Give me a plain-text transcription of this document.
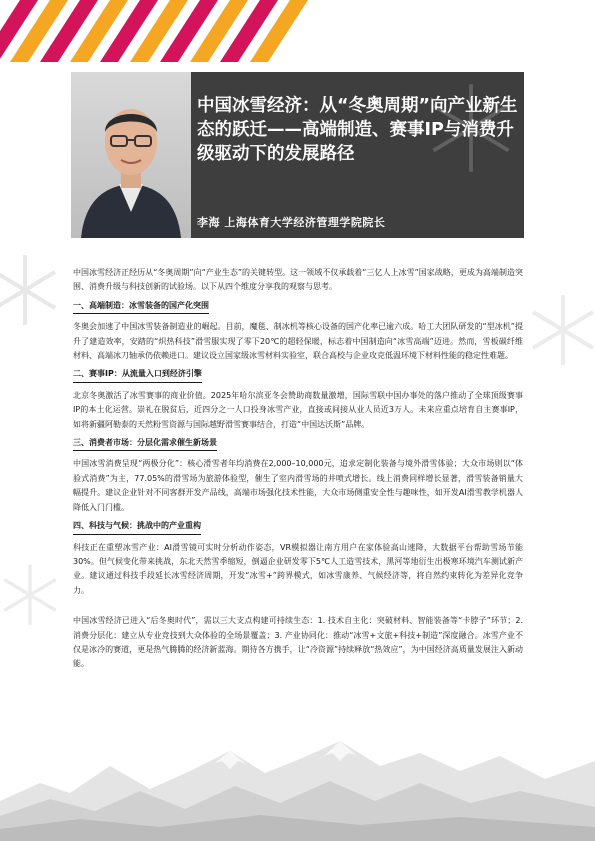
中国冰雪经济：从“冬奥周期”向产业新生态的跃迁——高端制造、赛事IP与消费升级驱动下的发展路径
李海 上海体育大学经济管理学院院长

中国冰雪经济正经历从“冬奥周期”向“产业生态”的关键转型。这一领域不仅承载着“三亿人上冰雪”国家战略，更成为高端制造突围、消费升级与科技创新的试验场。以下从四个维度分享我的观察与思考。

一、高端制造：冰雪装备的国产化突围

冬奥会加速了中国冰雪装备制造业的崛起。目前，魔毯、制冰机等核心设备的国产化率已逾六成。哈工大团队研发的“型冰机”提升了建造效率，安踏的“炽热科技”滑雪服实现了零下20℃的超轻保暖，标志着中国制造向“冰雪高端”迈进。然而，雪板碳纤维材料、高端冰刀轴承仍依赖进口。建议设立国家级冰雪材料实验室，联合高校与企业攻克低温环境下材料性能的稳定性难题。

二、赛事IP：从流量入口到经济引擎

北京冬奥激活了冰雪赛事的商业价值。2025年哈尔滨亚冬会赞助商数量激增，国际雪联中国办事处的落户推动了全球顶级赛事IP的本土化运营。崇礼在脱贫后，近四分之一人口投身冰雪产业，直接或间接从业人员近3万人。未来应重点培育自主赛事IP，如将新疆阿勒泰的天然粉雪资源与国际越野滑雪赛事结合，打造“中国达沃斯”品牌。

三、消费者市场：分层化需求催生新场景

中国冰雪消费呈现“两极分化”：核心滑雪者年均消费在2,000–10,000元，追求定制化装备与境外滑雪体验；大众市场则以“体验式消费”为主，77.05%的滑雪场为旅游体验型，催生了室内滑雪场的井喷式增长。线上消费同样增长显著，滑雪装备销量大幅提升。建议企业针对不同客群开发产品线，高端市场强化技术性能，大众市场侧重安全性与趣味性，如开发AI滑雪教学机器人降低入门门槛。

四、科技与气候：挑战中的产业重构

科技正在重塑冰雪产业：AI滑雪镜可实时分析动作姿态，VR模拟器让南方用户在家体验高山速降，大数据平台帮助雪场节能30%。但气候变化带来挑战，东北天然雪季缩短，倒逼企业研发零下5℃人工造雪技术，黑河等地衍生出极寒环境汽车测试新产业。建议通过科技手段延长冰雪经济周期，开发“冰雪+”跨界模式，如冰雪康养、气候经济等，将自然约束转化为差异化竞争力。

中国冰雪经济已进入“后冬奥时代”，需以三大支点构建可持续生态：1. 技术自主化：突破材料、智能装备等“卡脖子”环节；2. 消费分层化：建立从专业竞技到大众体验的全场景覆盖；3. 产业协同化：推动“冰雪+文旅+科技+制造”深度融合。冰雪产业不仅是冰冷的赛道，更是热气腾腾的经济新蓝海。期待各方携手，让“冷资源”持续释放“热效应”，为中国经济高质量发展注入新动能。
